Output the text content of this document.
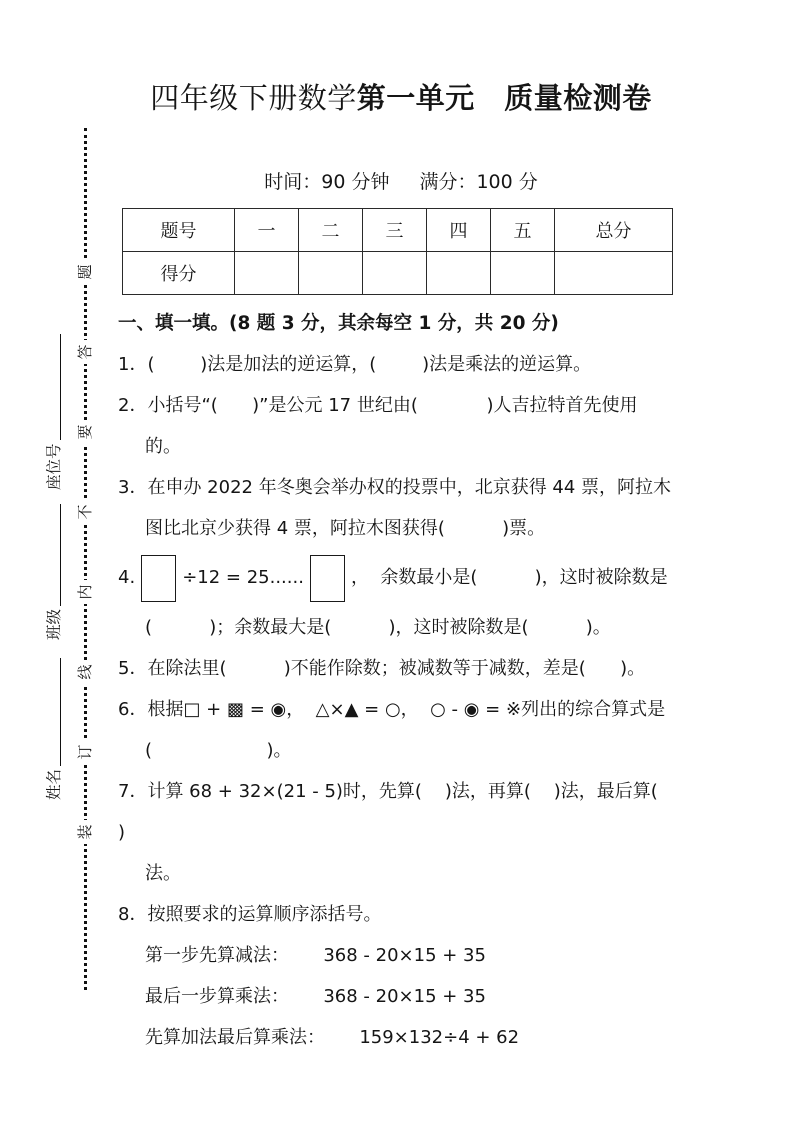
题
答
要
不
内
线
订
装
座位号
班级
姓名
四年级下册数学第一单元　质量检测卷
时间：90 分钟 满分：100 分
题号	一	二	三	四	五	总分
得分						
一、填一填。(8 题 3 分，其余每空 1 分，共 20 分)
1．(        )法是加法的逆运算，(        )法是乘法的逆运算。
2．小括号“(      )”是公元 17 世纪由(            )人吉拉特首先使用
的。
3．在申办 2022 年冬奥会举办权的投票中，北京获得 44 票，阿拉木
图比北京少获得 4 票，阿拉木图获得(          )票。
4.	÷12 = 25......	，  余数最小是(          )，这时被除数是
(          )；余数最大是(          )，这时被除数是(          )。
5．在除法里(          )不能作除数；被减数等于减数，差是(      )。
6．根据□ + ▩ = ◉，  △×▲ = ○，  ○ - ◉ = ※列出的综合算式是
(                    )。
7．计算 68 + 32×(21 - 5)时，先算(    )法，再算(    )法，最后算(    )
法。
8．按照要求的运算顺序添括号。
第一步先算减法：      368 - 20×15 + 35
最后一步算乘法：      368 - 20×15 + 35
先算加法最后算乘法：      159×132÷4 + 62
